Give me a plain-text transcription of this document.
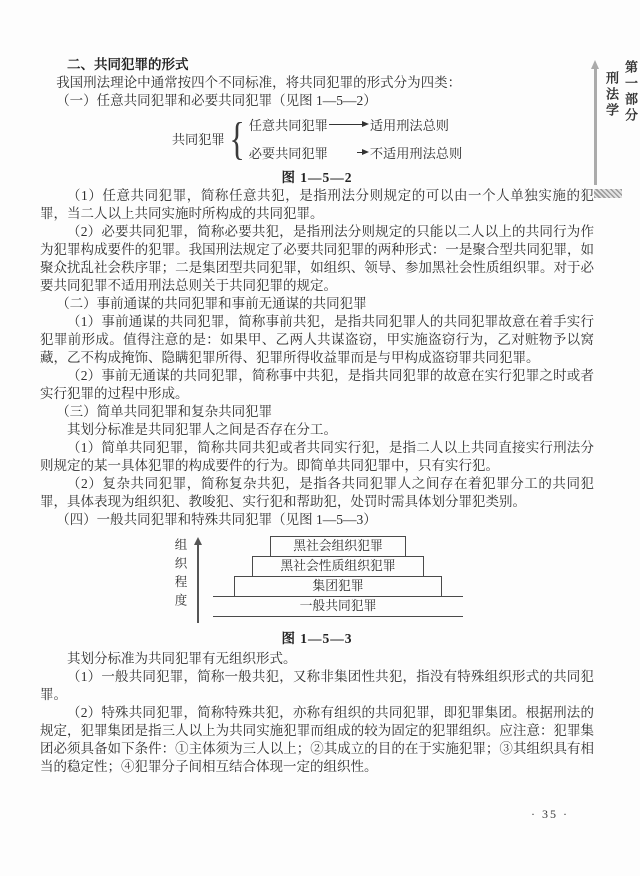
二、共同犯罪的形式

我国刑法理论中通常按四个不同标准，将共同犯罪的形式分为四类：

（一）任意共同犯罪和必要共同犯罪（见图 1—5—2）

共同犯罪 { 任意共同犯罪	适用刑法总则
必要共同犯罪	不适用刑法总则
图 1—5—2

（1）任意共同犯罪，简称任意共犯，是指刑法分则规定的可以由一个人单独实施的犯罪，当二人以上共同实施时所构成的共同犯罪。

（2）必要共同犯罪，简称必要共犯，是指刑法分则规定的只能以二人以上的共同行为作为犯罪构成要件的犯罪。我国刑法规定了必要共同犯罪的两种形式：一是聚合型共同犯罪，如聚众扰乱社会秩序罪；二是集团型共同犯罪，如组织、领导、参加黑社会性质组织罪。对于必要共同犯罪不适用刑法总则关于共同犯罪的规定。

（二）事前通谋的共同犯罪和事前无通谋的共同犯罪

（1）事前通谋的共同犯罪，简称事前共犯，是指共同犯罪人的共同犯罪故意在着手实行犯罪前形成。值得注意的是：如果甲、乙两人共谋盗窃，甲实施盗窃行为，乙对赃物予以窝藏，乙不构成掩饰、隐瞒犯罪所得、犯罪所得收益罪而是与甲构成盗窃罪共同犯罪。

（2）事前无通谋的共同犯罪，简称事中共犯，是指共同犯罪的故意在实行犯罪之时或者实行犯罪的过程中形成。

（三）简单共同犯罪和复杂共同犯罪

其划分标准是共同犯罪人之间是否存在分工。

（1）简单共同犯罪，简称共同共犯或者共同实行犯，是指二人以上共同直接实行刑法分则规定的某一具体犯罪的构成要件的行为。即简单共同犯罪中，只有实行犯。

（2）复杂共同犯罪，简称复杂共犯，是指各共同犯罪人之间存在着犯罪分工的共同犯罪，具体表现为组织犯、教唆犯、实行犯和帮助犯，处罚时需具体划分罪犯类别。

（四）一般共同犯罪和特殊共同犯罪（见图 1—5—3）

组织程度	黑社会组织犯罪
黑社会性质组织犯罪
集团犯罪
一般共同犯罪
图 1—5—3

其划分标准为共同犯罪有无组织形式。

（1）一般共同犯罪，简称一般共犯，又称非集团性共犯，指没有特殊组织形式的共同犯罪。

（2）特殊共同犯罪，简称特殊共犯，亦称有组织的共同犯罪，即犯罪集团。根据刑法的规定，犯罪集团是指三人以上为共同实施犯罪而组成的较为固定的犯罪组织。应注意：犯罪集团必须具备如下条件：①主体须为三人以上；②其成立的目的在于实施犯罪；③其组织具有相当的稳定性；④犯罪分子间相互结合体现一定的组织性。

第一部分 刑法学
· 35 ·
